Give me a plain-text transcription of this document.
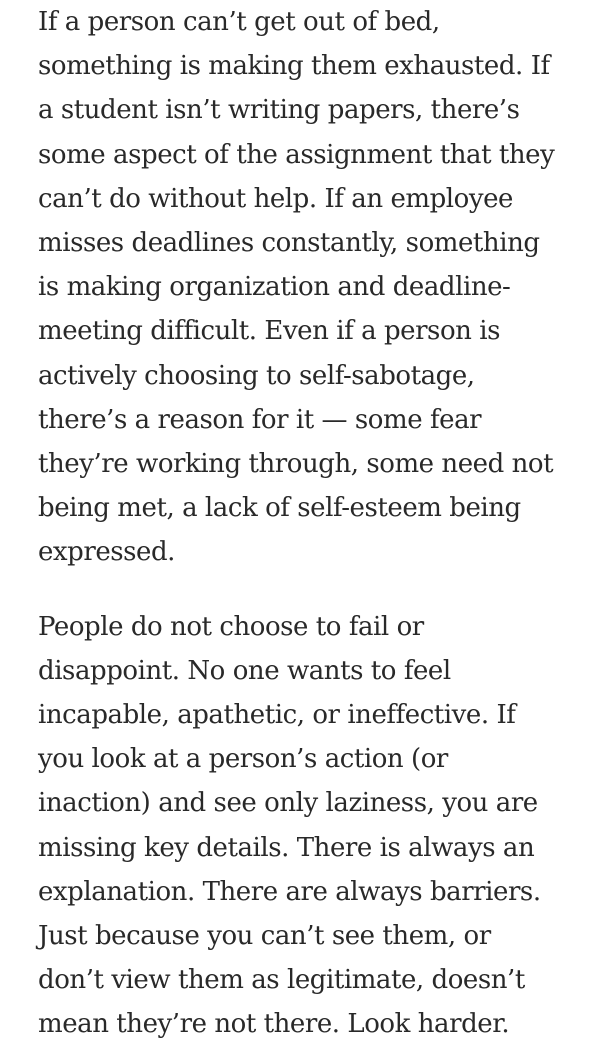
If a person can’t get out of bed, something is making them exhausted. If a student isn’t writing papers, there’s some aspect of the assignment that they can’t do without help. If an employee misses deadlines constantly, something is making organization and deadline-meeting difficult. Even if a person is actively choosing to self-sabotage, there’s a reason for it — some fear they’re working through, some need not being met, a lack of self-esteem being expressed.

People do not choose to fail or disappoint. No one wants to feel incapable, apathetic, or ineffective. If you look at a person’s action (or inaction) and see only laziness, you are missing key details. There is always an explanation. There are always barriers. Just because you can’t see them, or don’t view them as legitimate, doesn’t mean they’re not there. Look harder.
